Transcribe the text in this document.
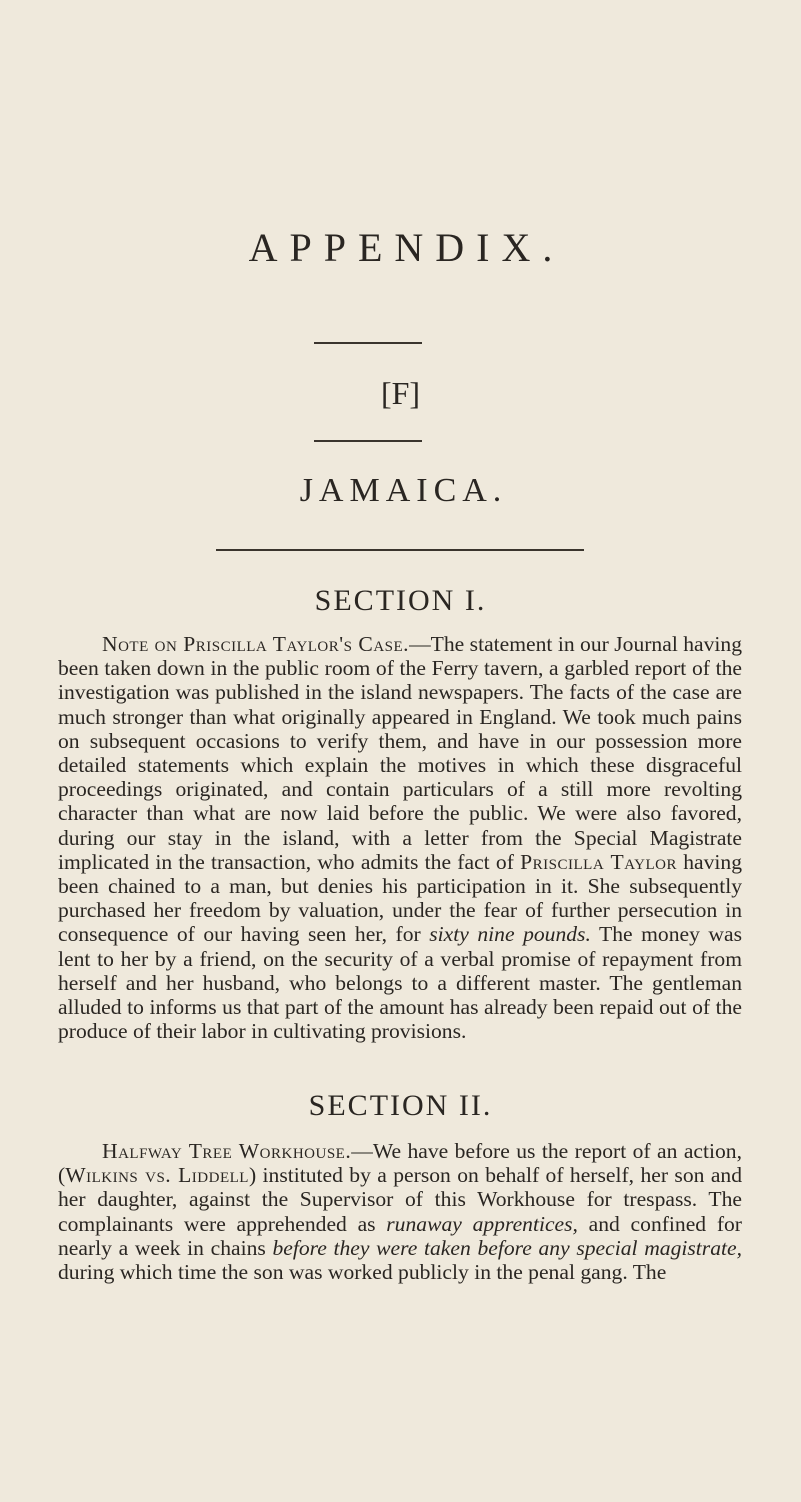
APPENDIX.
[F]
JAMAICA.
SECTION I.

Note on Priscilla Taylor's Case.—The statement in our Journal having been taken down in the public room of the Ferry tavern, a garbled report of the investigation was published in the island newspapers. The facts of the case are much stronger than what originally appeared in England. We took much pains on subsequent occasions to verify them, and have in our possession more detailed statements which explain the motives in which these disgraceful proceedings originated, and contain particulars of a still more revolting character than what are now laid before the public. We were also favored, during our stay in the island, with a letter from the Special Magistrate implicated in the transaction, who admits the fact of Priscilla Taylor having been chained to a man, but denies his participation in it. She subsequently purchased her freedom by valuation, under the fear of further persecution in consequence of our having seen her, for sixty nine pounds. The money was lent to her by a friend, on the security of a verbal promise of repayment from herself and her husband, who belongs to a different master. The gentleman alluded to informs us that part of the amount has already been repaid out of the produce of their labor in cultivating provisions.

SECTION II.

Halfway Tree Workhouse.—We have before us the report of an action, (Wilkins vs. Liddell) instituted by a person on behalf of herself, her son and her daughter, against the Supervisor of this Workhouse for trespass. The complainants were apprehended as runaway apprentices, and confined for nearly a week in chains before they were taken before any special magistrate, during which time the son was worked publicly in the penal gang. The
